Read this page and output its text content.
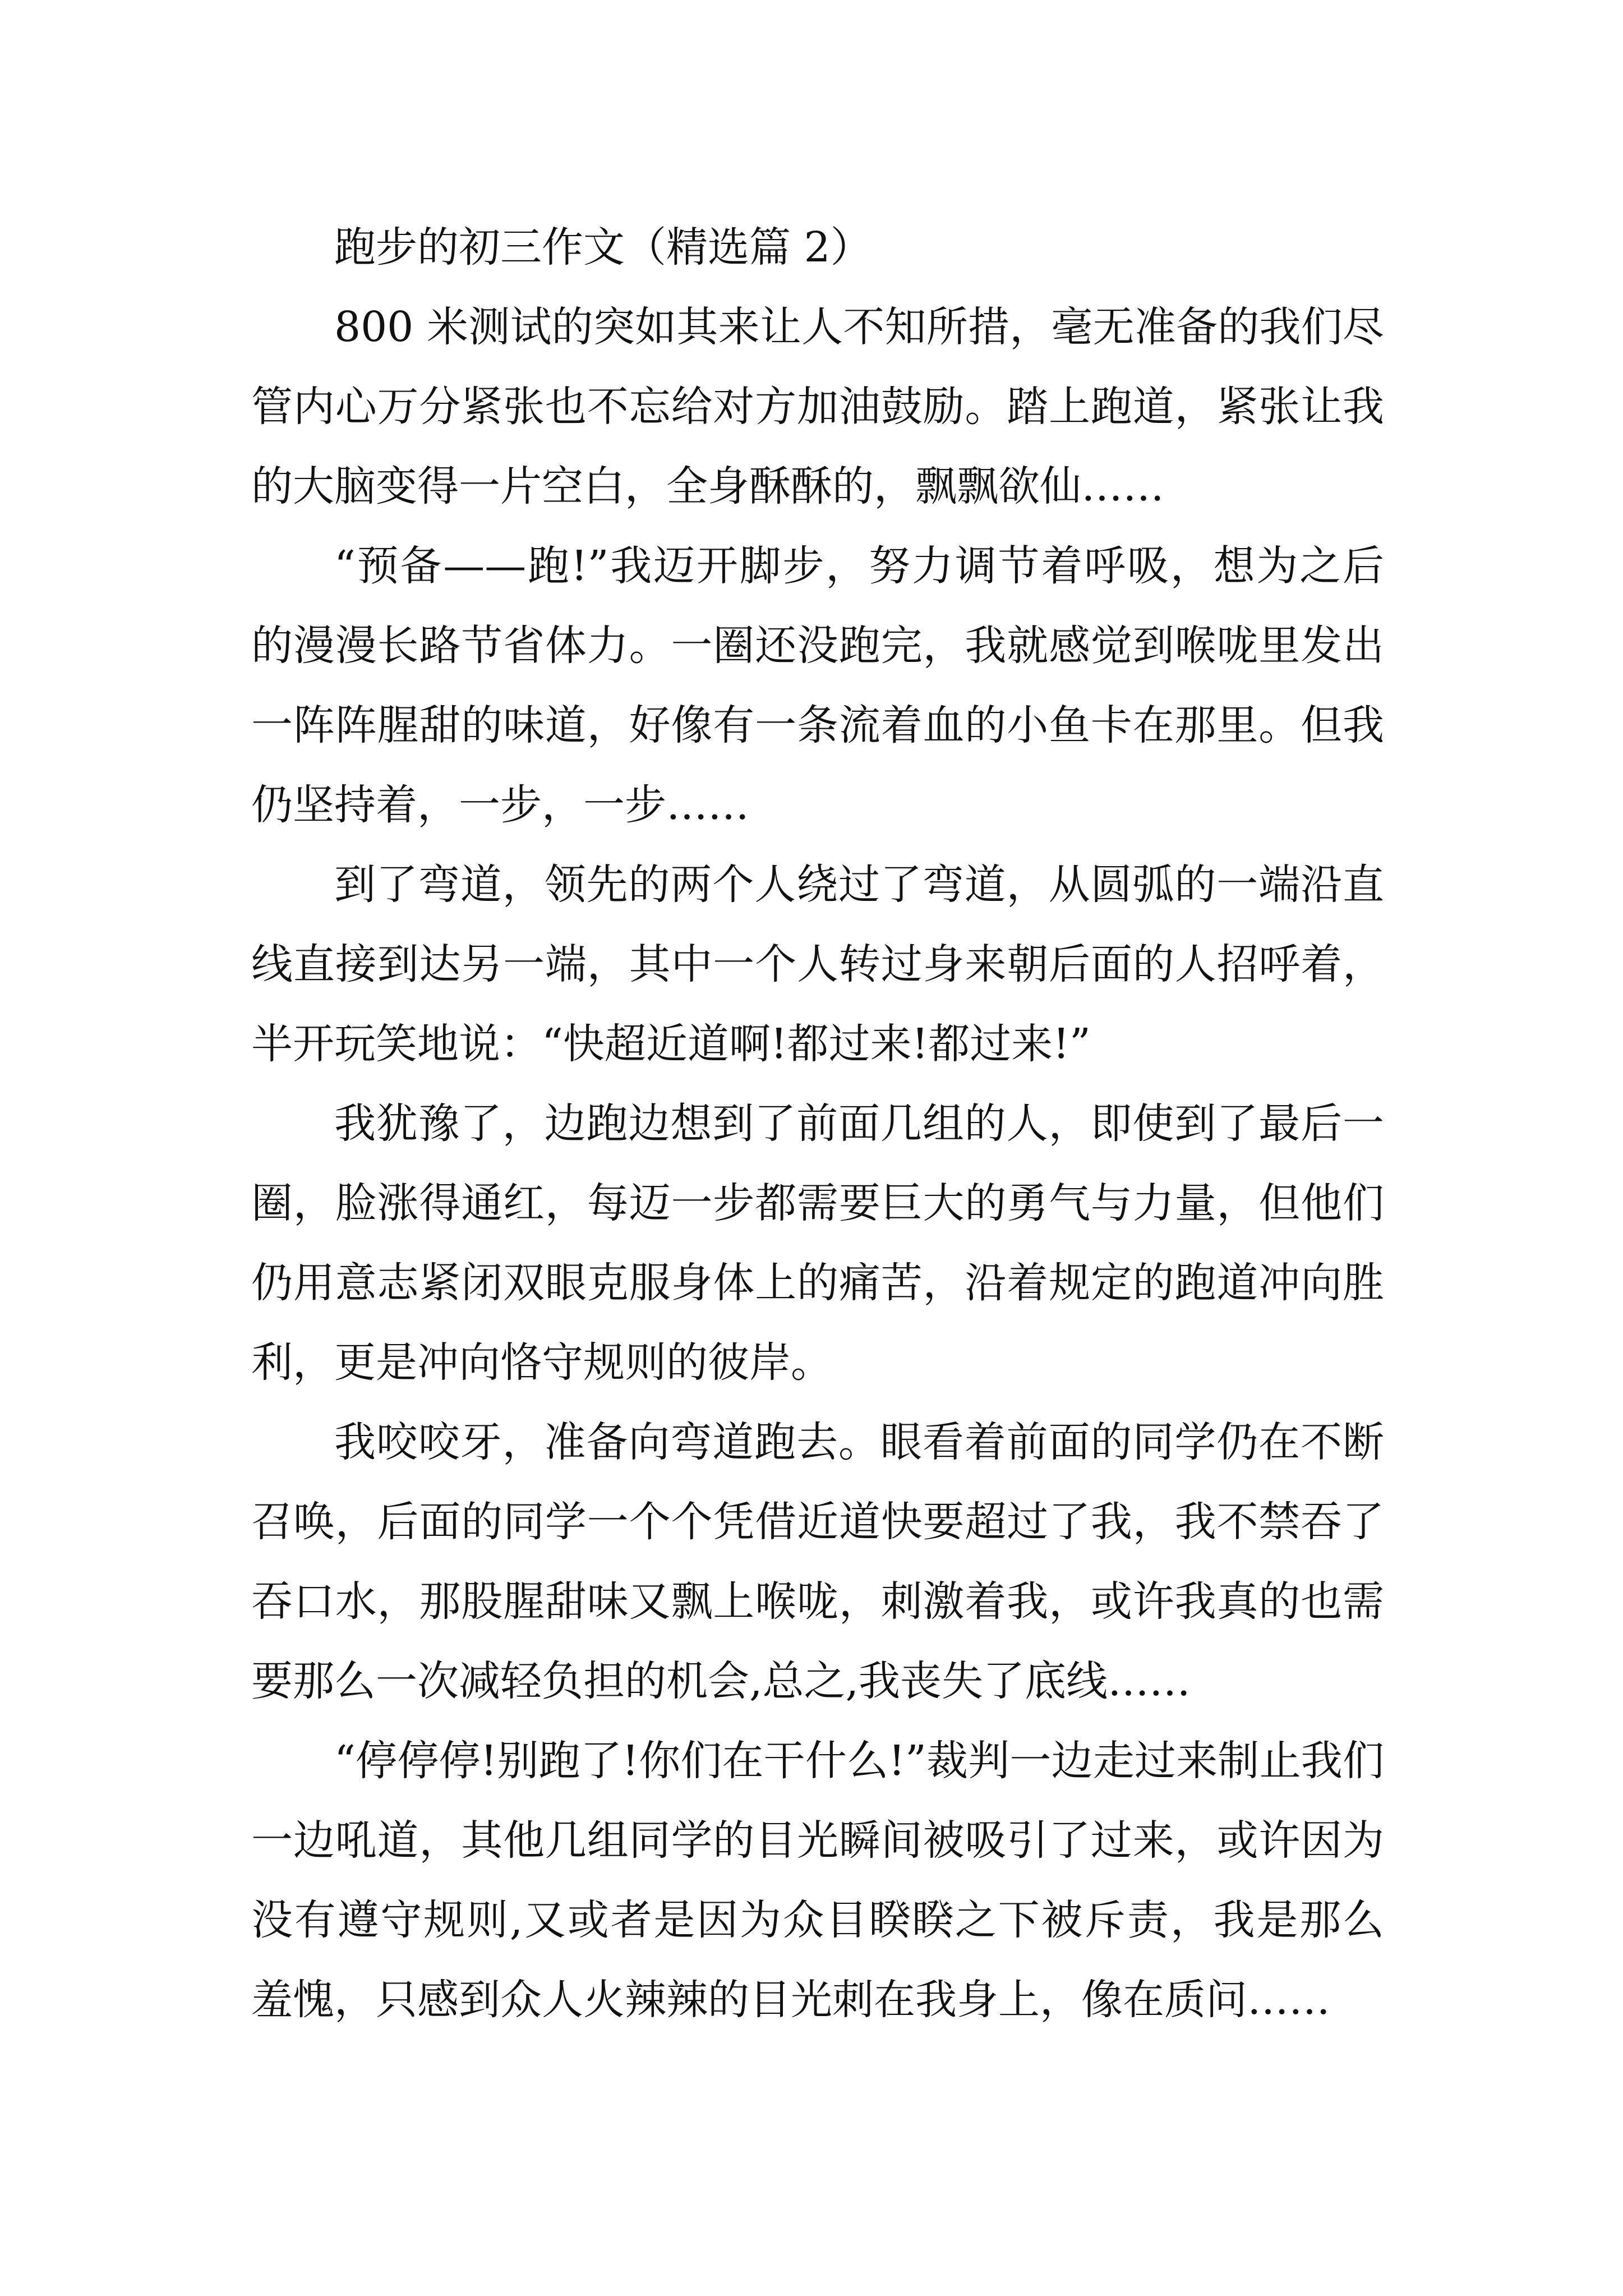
跑步的初三作文（精选篇 2）

800 米测试的突如其来让人不知所措，毫无准备的我们尽管内心万分紧张也不忘给对方加油鼓励。踏上跑道，紧张让我的大脑变得一片空白，全身酥酥的，飘飘欲仙……

“预备——跑!”我迈开脚步，努力调节着呼吸，想为之后的漫漫长路节省体力。一圈还没跑完，我就感觉到喉咙里发出一阵阵腥甜的味道，好像有一条流着血的小鱼卡在那里。但我仍坚持着，一步，一步……

到了弯道，领先的两个人绕过了弯道，从圆弧的一端沿直线直接到达另一端，其中一个人转过身来朝后面的人招呼着，半开玩笑地说：“快超近道啊!都过来!都过来!”

我犹豫了，边跑边想到了前面几组的人，即使到了最后一圈，脸涨得通红，每迈一步都需要巨大的勇气与力量，但他们仍用意志紧闭双眼克服身体上的痛苦，沿着规定的跑道冲向胜利，更是冲向恪守规则的彼岸。

我咬咬牙，准备向弯道跑去。眼看着前面的同学仍在不断召唤，后面的同学一个个凭借近道快要超过了我，我不禁吞了吞口水，那股腥甜味又飘上喉咙，刺激着我，或许我真的也需要那么一次减轻负担的机会,总之,我丧失了底线……

“停停停!别跑了!你们在干什么!”裁判一边走过来制止我们一边吼道，其他几组同学的目光瞬间被吸引了过来，或许因为没有遵守规则,又或者是因为众目睽睽之下被斥责，我是那么羞愧，只感到众人火辣辣的目光刺在我身上，像在质问……
